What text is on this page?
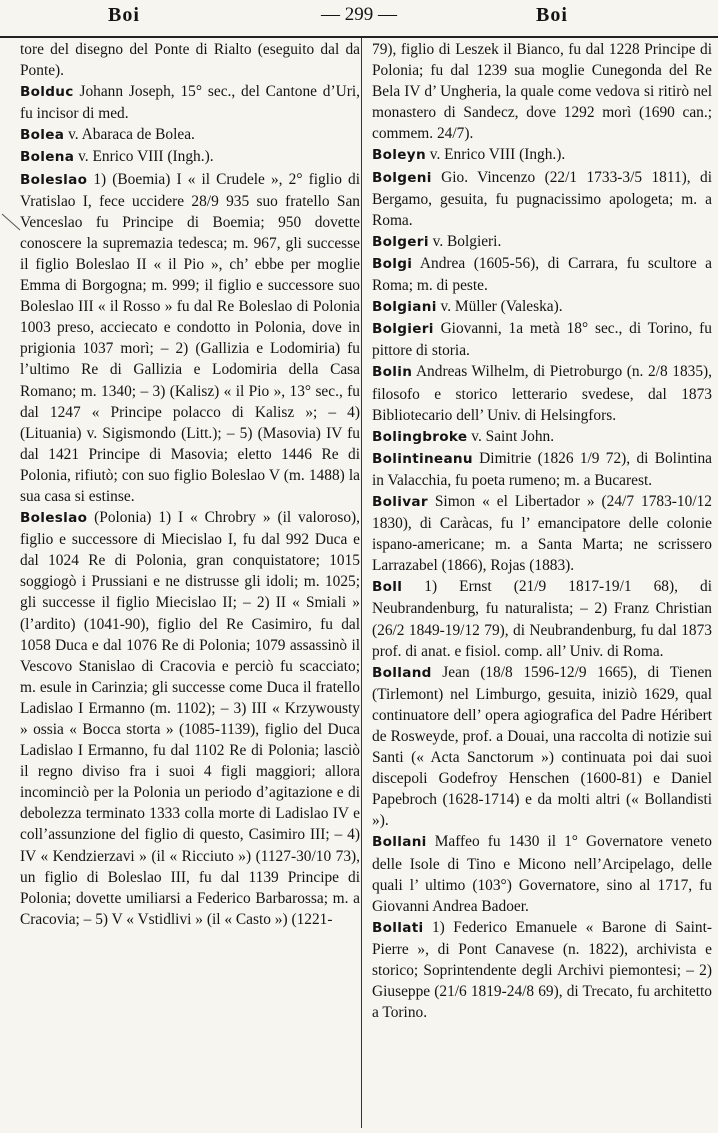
Boi	— 299 —	Boi

tore del disegno del Ponte di Rialto (eseguito dal da Ponte).

Bolduc Johann Joseph, 15° sec., del Cantone d’Uri, fu incisor di med.

Bolea v. Abaraca de Bolea.

Bolena v. Enrico VIII (Ingh.).

Boleslao 1) (Boemia) I « il Crudele », 2° figlio di Vratislao I, fece uccidere 28/9 935 suo fratello San Venceslao fu Principe di Boemia; 950 dovette conoscere la supremazia tedesca; m. 967, gli successe il figlio Boleslao II « il Pio », ch’ ebbe per moglie Emma di Borgogna; m. 999; il figlio e successore suo Boleslao III « il Rosso » fu dal Re Boleslao di Polonia 1003 preso, acciecato e condotto in Polonia, dove in prigionia 1037 morì; – 2) (Gallizia e Lodomiria) fu l’ultimo Re di Gallizia e Lodomiria della Casa Romano; m. 1340; – 3) (Kalisz) « il Pio », 13° sec., fu dal 1247 « Principe polacco di Kalisz »; – 4) (Lituania) v. Sigismondo (Litt.); – 5) (Masovia) IV fu dal 1421 Principe di Masovia; eletto 1446 Re di Polonia, rifiutò; con suo figlio Boleslao V (m. 1488) la sua casa si estinse.

Boleslao (Polonia) 1) I « Chrobry » (il valoroso), figlio e successore di Miecislao I, fu dal 992 Duca e dal 1024 Re di Polonia, gran conquistatore; 1015 soggiogò i Prussiani e ne distrusse gli idoli; m. 1025; gli successe il figlio Miecislao II; – 2) II « Smiali » (l’ardito) (1041-90), figlio del Re Casimiro, fu dal 1058 Duca e dal 1076 Re di Polonia; 1079 assassinò il Vescovo Stanislao di Cracovia e perciò fu scacciato; m. esule in Carinzia; gli successe come Duca il fratello Ladislao I Ermanno (m. 1102); – 3) III « Krzywousty » ossia « Bocca storta » (1085-1139), figlio del Duca Ladislao I Ermanno, fu dal 1102 Re di Polonia; lasciò il regno diviso fra i suoi 4 figli maggiori; allora incominciò per la Polonia un periodo d’agitazione e di debolezza terminato 1333 colla morte di Ladislao IV e coll’assunzione del figlio di questo, Casimiro III; – 4) IV « Kendzierzavi » (il « Ricciuto ») (1127-30/10 73), un figlio di Boleslao III, fu dal 1139 Principe di Polonia; dovette umiliarsi a Federico Barbarossa; m. a Cracovia; – 5) V « Vstidlivi » (il « Casto ») (1221-

79), figlio di Leszek il Bianco, fu dal 1228 Principe di Polonia; fu dal 1239 sua moglie Cunegonda del Re Bela IV d’ Ungheria, la quale come vedova si ritirò nel monastero di Sandecz, dove 1292 morì (1690 can.; commem. 24/7).

Boleyn v. Enrico VIII (Ingh.).

Bolgeni Gio. Vincenzo (22/1 1733-3/5 1811), di Bergamo, gesuita, fu pugnacissimo apologeta; m. a Roma.

Bolgeri v. Bolgieri.

Bolgi Andrea (1605-56), di Carrara, fu scultore a Roma; m. di peste.

Bolgiani v. Müller (Valeska).

Bolgieri Giovanni, 1a metà 18° sec., di Torino, fu pittore di storia.

Bolin Andreas Wilhelm, di Pietroburgo (n. 2/8 1835), filosofo e storico letterario svedese, dal 1873 Bibliotecario dell’ Univ. di Helsingfors.

Bolingbroke v. Saint John.

Bolintineanu Dimitrie (1826 1/9 72), di Bolintina in Valacchia, fu poeta rumeno; m. a Bucarest.

Bolivar Simon « el Libertador » (24/7 1783-10/12 1830), di Caràcas, fu l’ emancipatore delle colonie ispano-americane; m. a Santa Marta; ne scrissero Larrazabel (1866), Rojas (1883).

Boll 1) Ernst (21/9 1817-19/1 68), di Neubrandenburg, fu naturalista; – 2) Franz Christian (26/2 1849-19/12 79), di Neubrandenburg, fu dal 1873 prof. di anat. e fisiol. comp. all’ Univ. di Roma.

Bolland Jean (18/8 1596-12/9 1665), di Tienen (Tirlemont) nel Limburgo, gesuita, iniziò 1629, qual continuatore dell’ opera agiografica del Padre Héribert de Rosweyde, prof. a Douai, una raccolta di notizie sui Santi (« Acta Sanctorum ») continuata poi dai suoi discepoli Godefroy Henschen (1600-81) e Daniel Papebroch (1628-1714) e da molti altri (« Bollandisti »).

Bollani Maffeo fu 1430 il 1° Governatore veneto delle Isole di Tino e Micono nell’Arcipelago, delle quali l’ ultimo (103°) Governatore, sino al 1717, fu Giovanni Andrea Badoer.

Bollati 1) Federico Emanuele « Barone di Saint-Pierre », di Pont Canavese (n. 1822), archivista e storico; Soprintendente degli Archivi piemontesi; – 2) Giuseppe (21/6 1819-24/8 69), di Trecato, fu architetto a Torino.
